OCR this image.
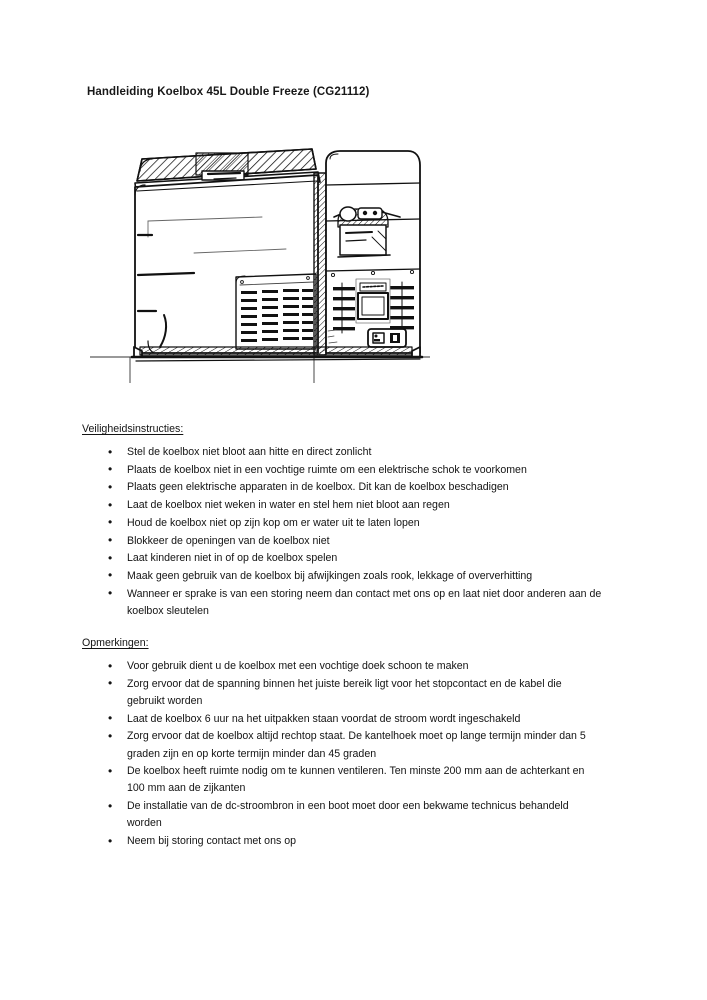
Handleiding Koelbox 45L Double Freeze (CG21112)
Veiligheidsinstructies:
• Stel de koelbox niet bloot aan hitte en direct zonlicht
• Plaats de koelbox niet in een vochtige ruimte om een elektrische schok te voorkomen
• Plaats geen elektrische apparaten in de koelbox. Dit kan de koelbox beschadigen
• Laat de koelbox niet weken in water en stel hem niet bloot aan regen
• Houd de koelbox niet op zijn kop om er water uit te laten lopen
• Blokkeer de openingen van de koelbox niet
• Laat kinderen niet in of op de koelbox spelen
• Maak geen gebruik van de koelbox bij afwijkingen zoals rook, lekkage of oververhitting
• Wanneer er sprake is van een storing neem dan contact met ons op en laat niet door anderen aan de koelbox sleutelen
Opmerkingen:
• Voor gebruik dient u de koelbox met een vochtige doek schoon te maken
• Zorg ervoor dat de spanning binnen het juiste bereik ligt voor het stopcontact en de kabel die gebruikt worden
• Laat de koelbox 6 uur na het uitpakken staan voordat de stroom wordt ingeschakeld
• Zorg ervoor dat de koelbox altijd rechtop staat. De kantelhoek moet op lange termijn minder dan 5 graden zijn en op korte termijn minder dan 45 graden
• De koelbox heeft ruimte nodig om te kunnen ventileren. Ten minste 200 mm aan de achterkant en 100 mm aan de zijkanten
• De installatie van de dc-stroombron in een boot moet door een bekwame technicus behandeld worden
• Neem bij storing contact met ons op
